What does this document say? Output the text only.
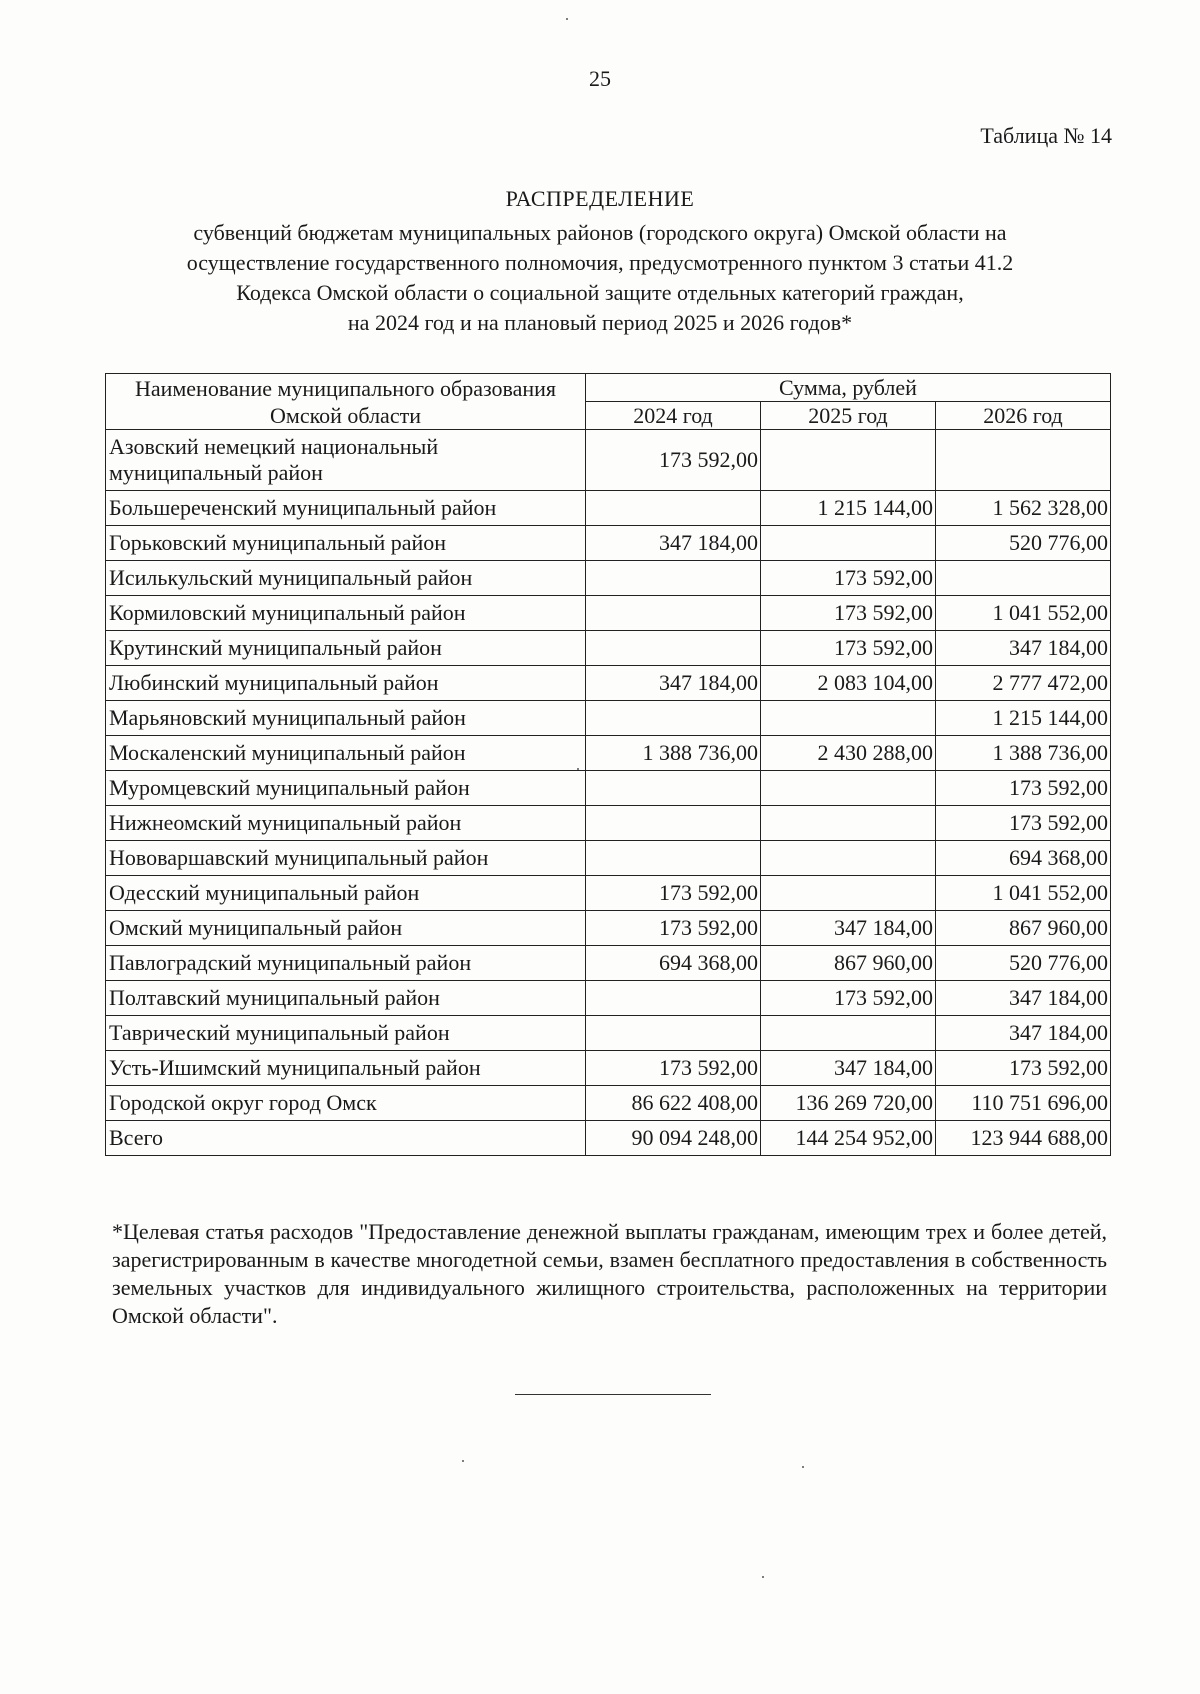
25
Таблица № 14
РАСПРЕДЕЛЕНИЕ
субвенций бюджетам муниципальных районов (городского округа) Омской области на
осуществление государственного полномочия, предусмотренного пунктом 3 статьи 41.2
Кодекса Омской области о социальной защите отдельных категорий граждан,
на 2024 год и на плановый период 2025 и 2026 годов*
Наименование муниципального образования Омской области	Сумма, рублей		
	2024 год	2025 год	2026 год
Азовский немецкий национальный муниципальный район	173 592,00		
Большереченский муниципальный район		1 215 144,00	1 562 328,00
Горьковский муниципальный район	347 184,00		520 776,00
Исилькульский муниципальный район		173 592,00	
Кормиловский муниципальный район		173 592,00	1 041 552,00
Крутинский муниципальный район		173 592,00	347 184,00
Любинский муниципальный район	347 184,00	2 083 104,00	2 777 472,00
Марьяновский муниципальный район			1 215 144,00
Москаленский муниципальный район	1 388 736,00	2 430 288,00	1 388 736,00
Муромцевский муниципальный район			173 592,00
Нижнеомский муниципальный район			173 592,00
Нововаршавский муниципальный район			694 368,00
Одесский муниципальный район	173 592,00		1 041 552,00
Омский муниципальный район	173 592,00	347 184,00	867 960,00
Павлоградский муниципальный район	694 368,00	867 960,00	520 776,00
Полтавский муниципальный район		173 592,00	347 184,00
Таврический муниципальный район			347 184,00
Усть-Ишимский муниципальный район	173 592,00	347 184,00	173 592,00
Городской округ город Омск	86 622 408,00	136 269 720,00	110 751 696,00
Всего	90 094 248,00	144 254 952,00	123 944 688,00
*Целевая статья расходов "Предоставление денежной выплаты гражданам, имеющим трех и более детей, зарегистрированным в качестве многодетной семьи, взамен бесплатного предоставления в собственность земельных участков для индивидуального жилищного строительства, расположенных на территории Омской области".
